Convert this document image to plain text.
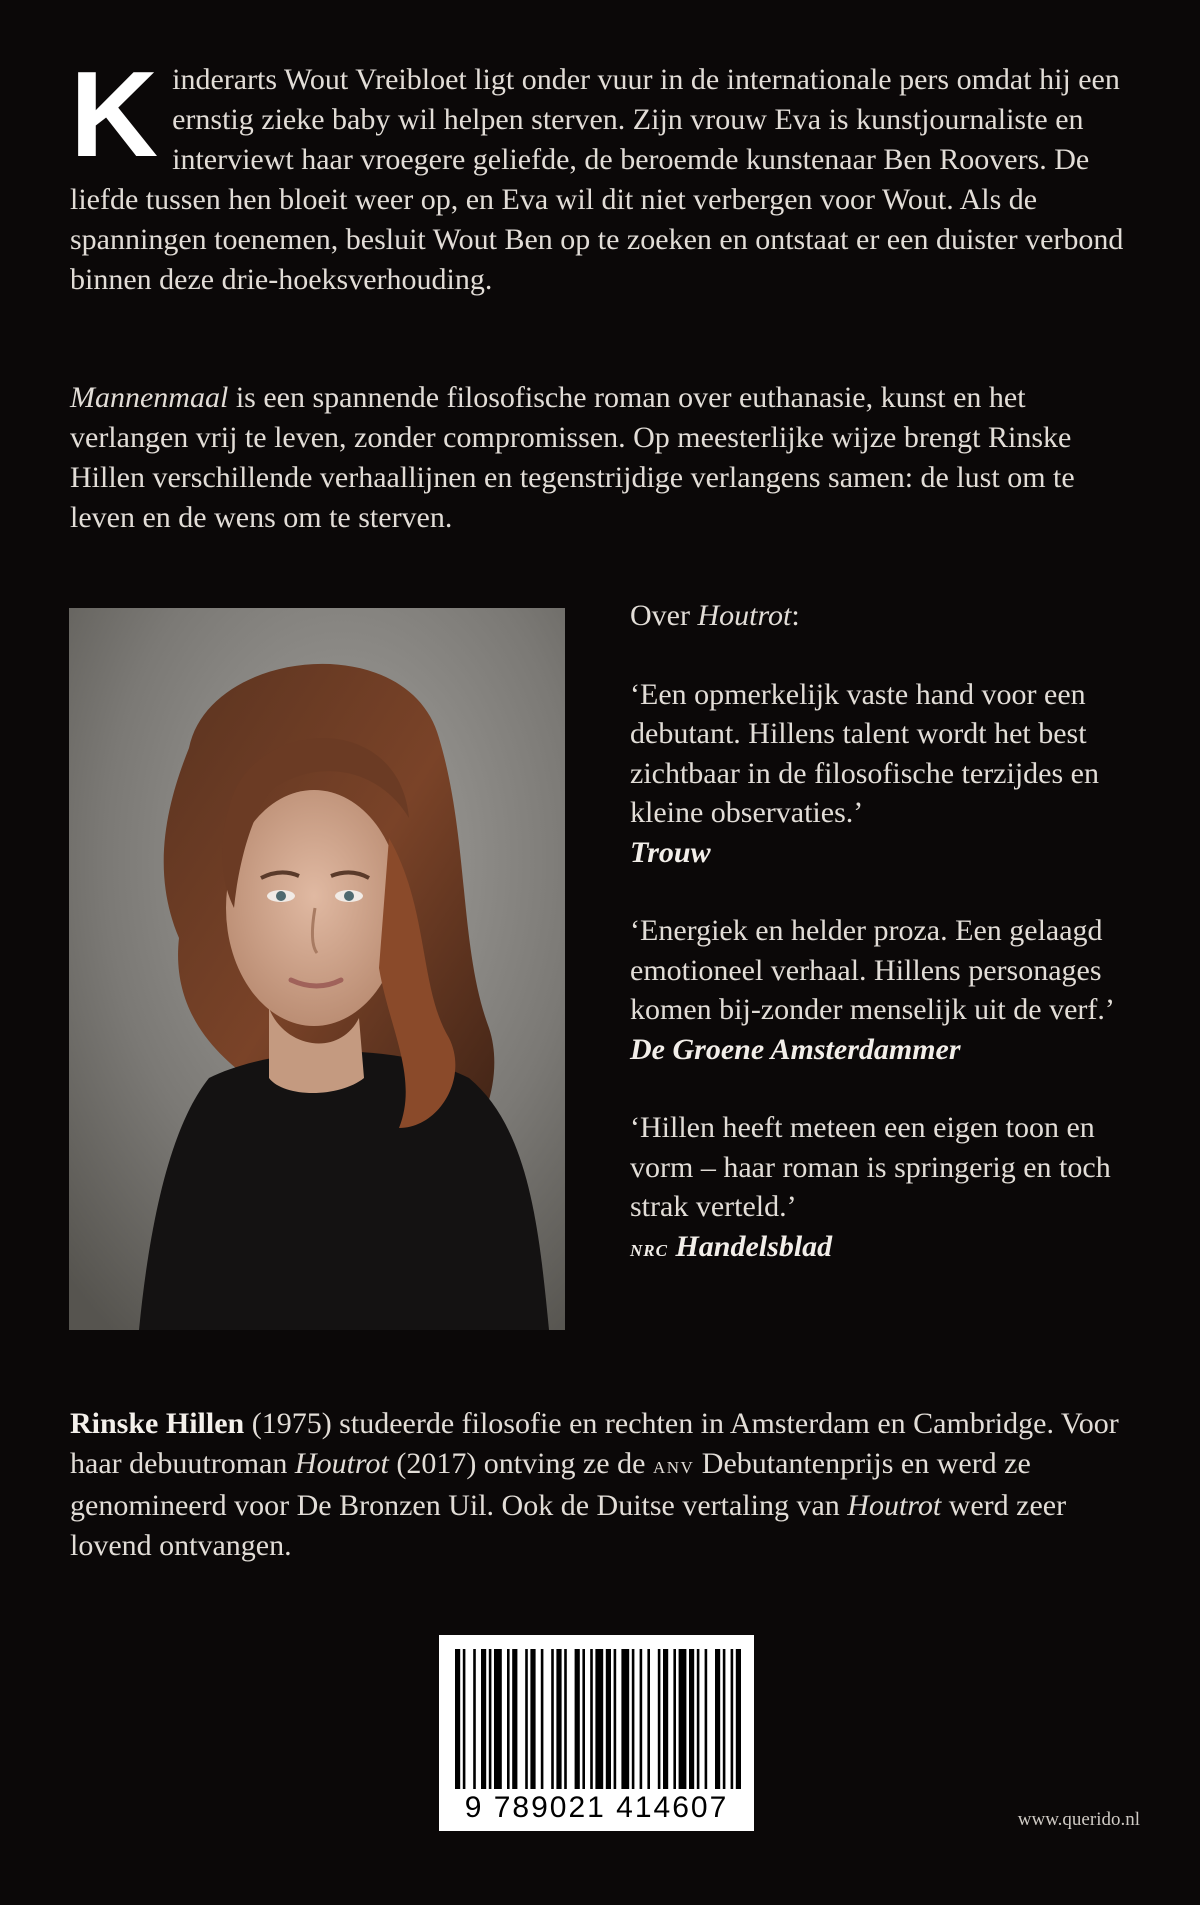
Kinderarts Wout Vreibloet ligt onder vuur in de internationale pers omdat hij een ernstig zieke baby wil helpen sterven. Zijn vrouw Eva is kunstjournaliste en interviewt haar vroegere geliefde, de beroemde kunstenaar Ben Roovers. De liefde tussen hen bloeit weer op, en Eva wil dit niet verbergen voor Wout. Als de spanningen toenemen, besluit Wout Ben op te zoeken en ontstaat er een duister verbond binnen deze drie-hoeksverhouding.

Mannenmaal is een spannende filosofische roman over euthanasie, kunst en het verlangen vrij te leven, zonder compromissen. Op meesterlijke wijze brengt Rinske Hillen verschillende verhaallijnen en tegenstrijdige verlangens samen: de lust om te leven en de wens om te sterven.

Over Houtrot:

‘Een opmerkelijk vaste hand voor een debutant. Hillens talent wordt het best zichtbaar in de filosofische terzijdes en kleine observaties.’

Trouw

‘Energiek en helder proza. Een gelaagd emotioneel verhaal. Hillens personages komen bij-zonder menselijk uit de verf.’

De Groene Amsterdammer

‘Hillen heeft meteen een eigen toon en vorm – haar roman is springerig en toch strak verteld.’

nrc Handelsblad

Rinske Hillen (1975) studeerde filosofie en rechten in Amsterdam en Cambridge. Voor haar debuutroman Houtrot (2017) ontving ze de anv Debutantenprijs en werd ze genomineerd voor De Bronzen Uil. Ook de Duitse vertaling van Houtrot werd zeer lovend ontvangen.

9 789021 414607	www.querido.nl
